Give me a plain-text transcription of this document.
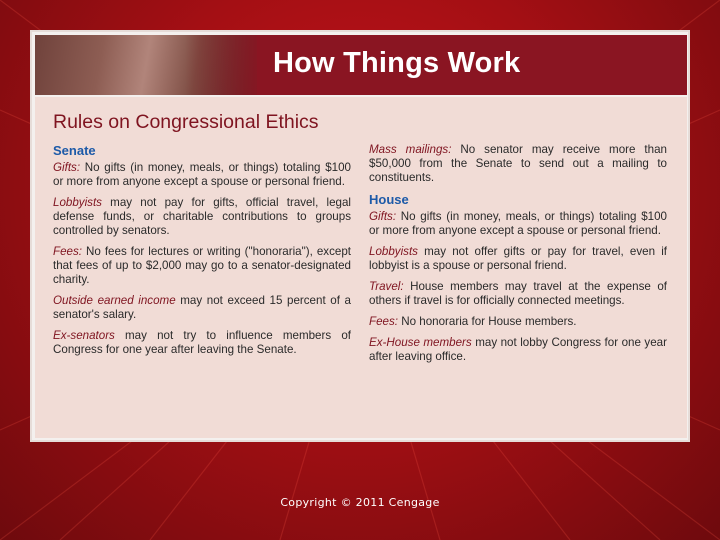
How Things Work
Rules on Congressional Ethics
Senate

Gifts: No gifts (in money, meals, or things) totaling $100 or more from anyone except a spouse or personal friend.

Lobbyists may not pay for gifts, official travel, legal defense funds, or charitable contributions to groups controlled by senators.

Fees: No fees for lectures or writing ("honoraria"), except that fees of up to $2,000 may go to a senator-designated charity.

Outside earned income may not exceed 15 percent of a senator's salary.

Ex-senators may not try to influence members of Congress for one year after leaving the Senate.

Mass mailings: No senator may receive more than $50,000 from the Senate to send out a mailing to constituents.

House

Gifts: No gifts (in money, meals, or things) totaling $100 or more from anyone except a spouse or personal friend.

Lobbyists may not offer gifts or pay for travel, even if lobbyist is a spouse or personal friend.

Travel: House members may travel at the expense of others if travel is for officially connected meetings.

Fees: No honoraria for House members.

Ex-House members may not lobby Congress for one year after leaving office.

Copyright © 2011 Cengage
